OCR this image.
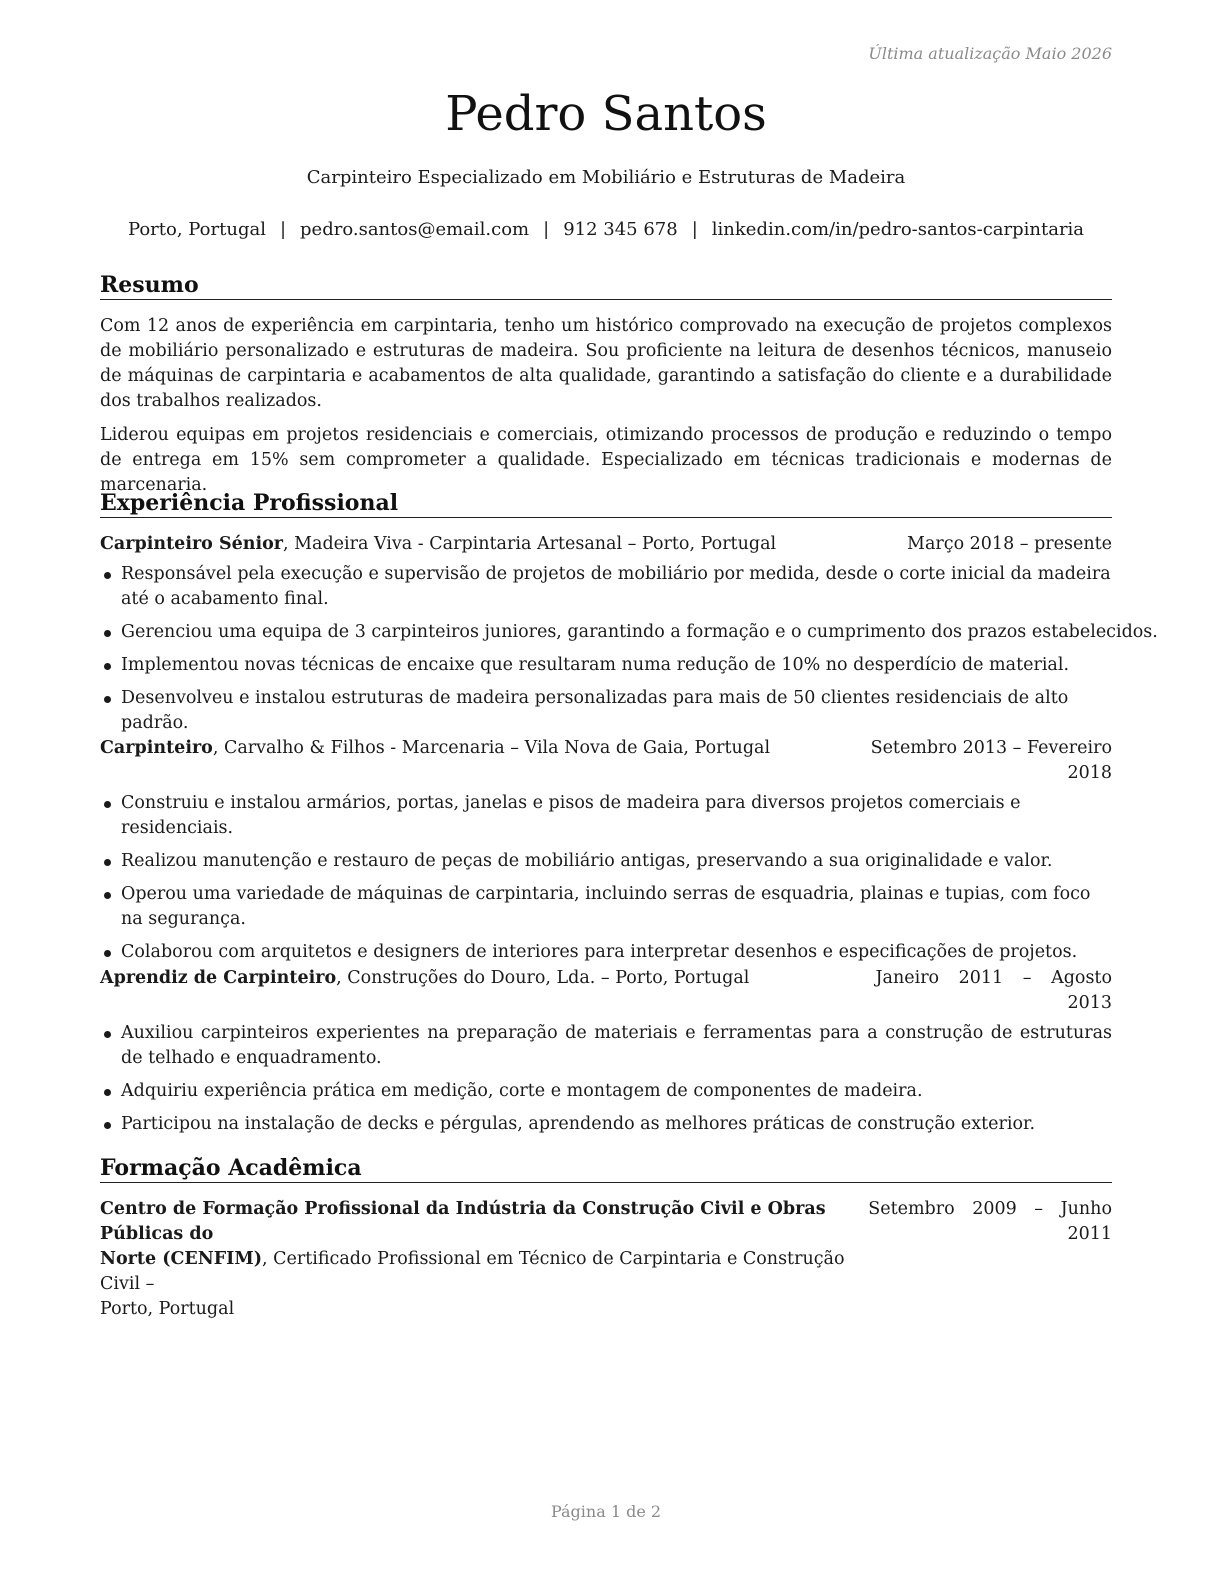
Última atualização Maio 2026
Pedro Santos
Carpinteiro Especializado em Mobiliário e Estruturas de Madeira
Porto, Portugal | pedro.santos@email.com | 912 345 678 | linkedin.com/in/pedro-santos-carpintaria
Resumo
Com 12 anos de experiência em carpintaria, tenho um histórico comprovado na execução de projetos complexos de mobiliário personalizado e estruturas de madeira. Sou proficiente na leitura de desenhos técnicos, manuseio de máquinas de carpintaria e acabamentos de alta qualidade, garantindo a satisfação do cliente e a durabilidade dos trabalhos realizados.
Liderou equipas em projetos residenciais e comerciais, otimizando processos de produção e reduzindo o tempo de entrega em 15% sem comprometer a qualidade. Especializado em técnicas tradicionais e modernas de marcenaria.
Experiência Profissional
Carpinteiro Sénior, Madeira Viva - Carpintaria Artesanal – Porto, Portugal	Março 2018 – presente
Responsável pela execução e supervisão de projetos de mobiliário por medida, desde o corte inicial da madeira até o acabamento final.
Gerenciou uma equipa de 3 carpinteiros juniores, garantindo a formação e o cumprimento dos prazos estabelecidos.
Implementou novas técnicas de encaixe que resultaram numa redução de 10% no desperdício de material.
Desenvolveu e instalou estruturas de madeira personalizadas para mais de 50 clientes residenciais de alto padrão.
Carpinteiro, Carvalho & Filhos - Marcenaria – Vila Nova de Gaia, Portugal	Setembro 2013 – Fevereiro
2018
Construiu e instalou armários, portas, janelas e pisos de madeira para diversos projetos comerciais e residenciais.
Realizou manutenção e restauro de peças de mobiliário antigas, preservando a sua originalidade e valor.
Operou uma variedade de máquinas de carpintaria, incluindo serras de esquadria, plainas e tupias, com foco na segurança.
Colaborou com arquitetos e designers de interiores para interpretar desenhos e especificações de projetos.
Aprendiz de Carpinteiro, Construções do Douro, Lda. – Porto, Portugal	Janeiro 2011 – Agosto
2013
Auxiliou carpinteiros experientes na preparação de materiais e ferramentas para a construção de estruturas de telhado e enquadramento.
Adquiriu experiência prática em medição, corte e montagem de componentes de madeira.
Participou na instalação de decks e pérgulas, aprendendo as melhores práticas de construção exterior.
Formação Acadêmica
Centro de Formação Profissional da Indústria da Construção Civil e Obras Públicas do
Norte (CENFIM), Certificado Profissional em Técnico de Carpintaria e Construção Civil –
Porto, Portugal
Setembro 2009 – Junho
2011
Página 1 de 2
